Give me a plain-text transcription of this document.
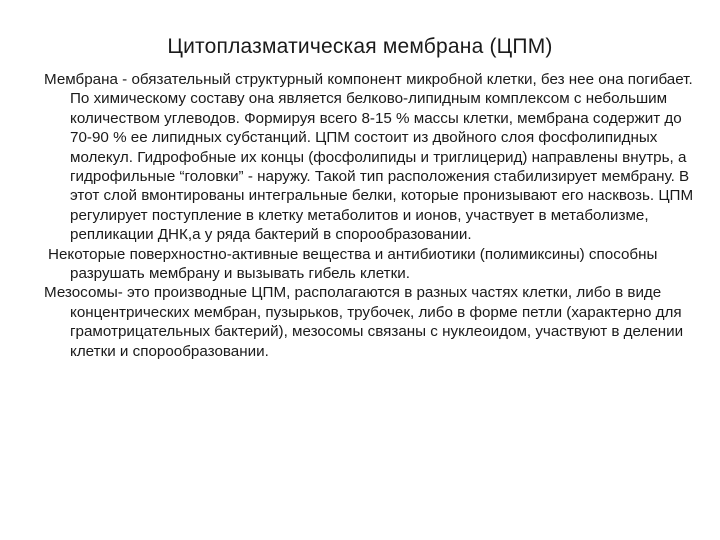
Цитоплазматическая мембрана (ЦПМ)

Мембрана - обязательный структурный компонент микробной клетки, без нее она погибает. По химическому составу она является белково-липидным комплексом с небольшим количеством углеводов. Формируя всего 8-15 % массы клетки, мембрана содержит до 70-90 % ее липидных субстанций. ЦПМ состоит из двойного слоя фосфолипидных молекул. Гидрофобные их концы (фосфолипиды и триглицерид) направлены внутрь, а гидрофильные “головки” - наружу. Такой тип расположения стабилизирует мембрану. В этот слой вмонтированы интегральные белки, которые пронизывают его насквозь. ЦПМ регулирует поступление в клетку метаболитов и ионов, участвует в метаболизме, репликации ДНК,а у ряда бактерий в спорообразовании.

Некоторые поверхностно-активные вещества и антибиотики (полимиксины) способны разрушать мембрану и вызывать гибель клетки.

Мезосомы- это производные ЦПМ, располагаются в разных частях клетки, либо в виде концентрических мембран, пузырьков, трубочек, либо в форме петли (характерно для грамотрицательных бактерий), мезосомы связаны с нуклеоидом, участвуют в делении клетки и спорообразовании.
